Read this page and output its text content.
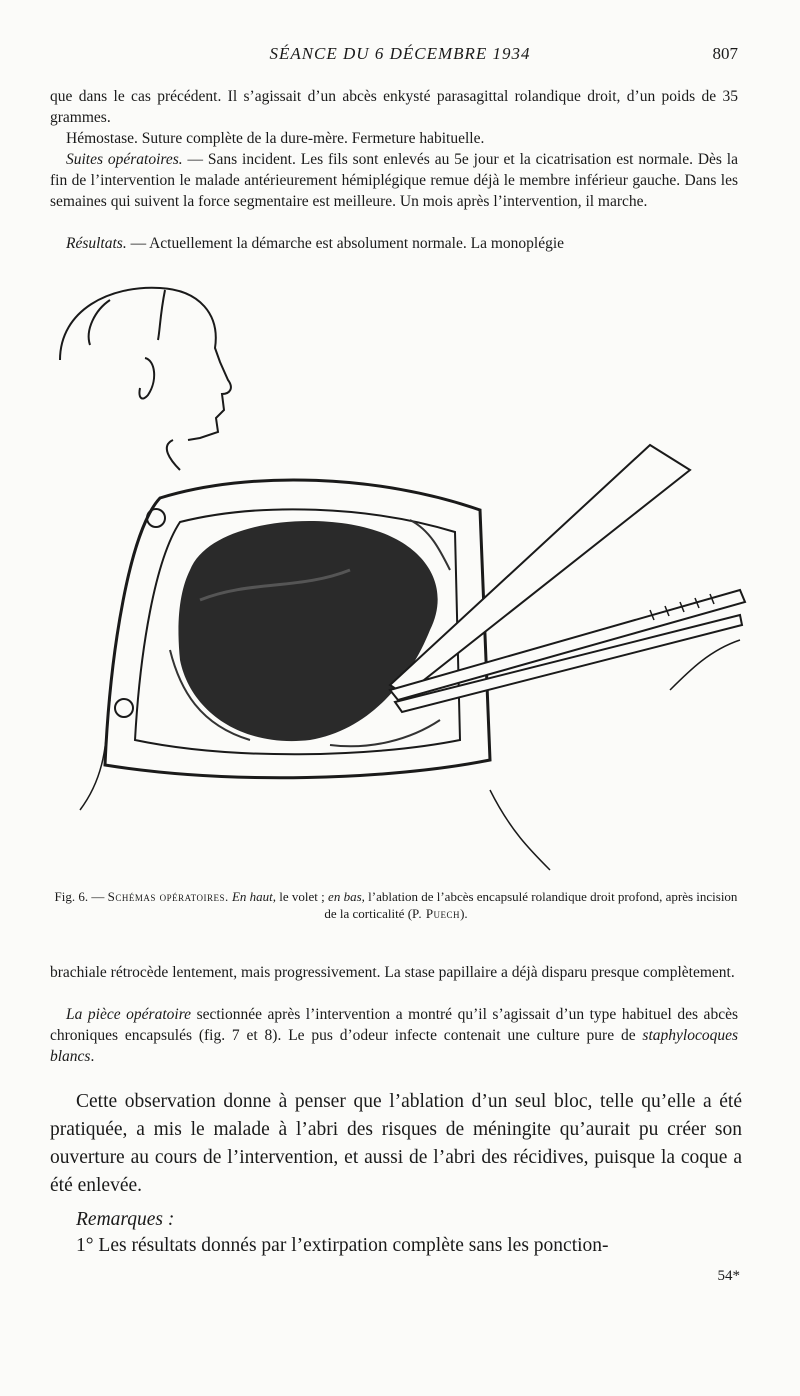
SÉANCE DU 6 DÉCEMBRE 1934	807

que dans le cas précédent. Il s’agissait d’un abcès enkysté parasagittal rolandique droit, d’un poids de 35 grammes.

Hémostase. Suture complète de la dure-mère. Fermeture habituelle.

Suites opératoires. — Sans incident. Les fils sont enlevés au 5e jour et la cicatrisation est normale. Dès la fin de l’intervention le malade antérieurement hémiplégique remue déjà le membre inférieur gauche. Dans les semaines qui suivent la force segmentaire est meilleure. Un mois après l’intervention, il marche.

Résultats. — Actuellement la démarche est absolument normale. La monoplégie

Fig. 6. — Schémas opératoires. En haut, le volet ; en bas, l’ablation de l’abcès encapsulé rolandique droit profond, après incision de la corticalité (P. Puech).

brachiale rétrocède lentement, mais progressivement. La stase papillaire a déjà disparu presque complètement.

La pièce opératoire sectionnée après l’intervention a montré qu’il s’agissait d’un type habituel des abcès chroniques encapsulés (fig. 7 et 8). Le pus d’odeur infecte contenait une culture pure de staphylocoques blancs.

Cette observation donne à penser que l’ablation d’un seul bloc, telle qu’elle a été pratiquée, a mis le malade à l’abri des risques de méningite qu’aurait pu créer son ouverture au cours de l’intervention, et aussi de l’abri des récidives, puisque la coque a été enlevée.

Remarques :

1° Les résultats donnés par l’extirpation complète sans les ponction-

54*
